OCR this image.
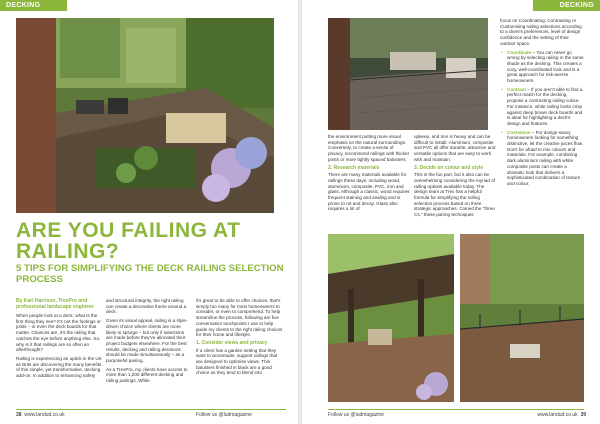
DECKING
ARE YOU FAILING AT RAILING?
5 TIPS FOR SIMPLIFYING THE DECK RAILING SELECTION PROCESS
By Karl Harrison, TrexPro and professional landscape engineer

When people look at a deck, what is the first thing they see? It's not the footings or joists – or even the deck boards for that matter. Chances are, it's the railing that catches the eye before anything else. So, why is it that railings are so often an afterthought?

Railing is experiencing an uptick in the UK as Brits are discovering the many benefits of this simple, yet transformative, decking add-on. In addition to enhancing safety

and structural integrity, the right railing can create a decorative frame around a deck.

Given its visual appeal, railing is a style-driven choice where clients are more likely to splurge – but only if selections are made before they've allocated their project budgets elsewhere. For the best results, decking and railing decisions should be made simultaneously – as a purposeful pairing.

As a TrexPro, my clients have access to more than 1,200 different decking and railing pairings. While

it's great to be able to offer choices, that's simply too many for most homeowners to consider, or even to comprehend. To help streamline the process, following are five conversation touchpoints I use to help guide my clients to the right railing choices for their home and lifestyle.

1. Consider views and privacy

If a client has a garden setting that they want to accentuate, support railings that are designed to optimise views. Thin balusters finished in black are a good choice as they tend to blend into

38 www.landud.co.uk	Follow us @ludmagazine
DECKING

the environment putting more visual emphasis on the natural surroundings. Conversely, to create a sense of privacy, recommend railings with thicker posts or more tightly spaced balusters.

2. Research materials

There are many materials available for railings these days, including wood, aluminium, composite, PVC, iron and glass. Although a classic, wood requires frequent staining and sealing and is prone to rot and decay. Glass also requires a lot of

upkeep, and iron is heavy and can be difficult to install. Aluminium, composite and PVC all offer durable, attractive and versatile options that are easy to work with and maintain.

3. Decide on colour and style

This is the fun part, but it also can be overwhelming considering the myriad of railing options available today. The design team at Trex has a helpful formula for simplifying the railing selection process based on three strategic approaches. Coined the "three Cs," these pairing techniques

focus on Coordinating, Contrasting or Customising railing selections according to a client's preferences, level of design confidence and the setting of their outdoor space.

• Coordinate – You can never go wrong by selecting railing in the same shade as the decking. This creates a cozy, well-coordinated look and is a great approach for risk-averse homeowners.
• Contrast – If you aren't able to find a perfect match for the decking, propose a contrasting railing colour. For instance, white railing looks crisp against deep brown deck boards and is ideal for highlighting a deck's design and features.
• Customise – For design-savvy homeowners looking for something distinctive, let the creative juices flow. Don't be afraid to mix colours and materials. For example, combining dark aluminium railing with white composite posts can create a dramatic look that delivers a sophisticated combination of texture and colour.
Follow us @ludmagazine	www.landud.co.uk 39
